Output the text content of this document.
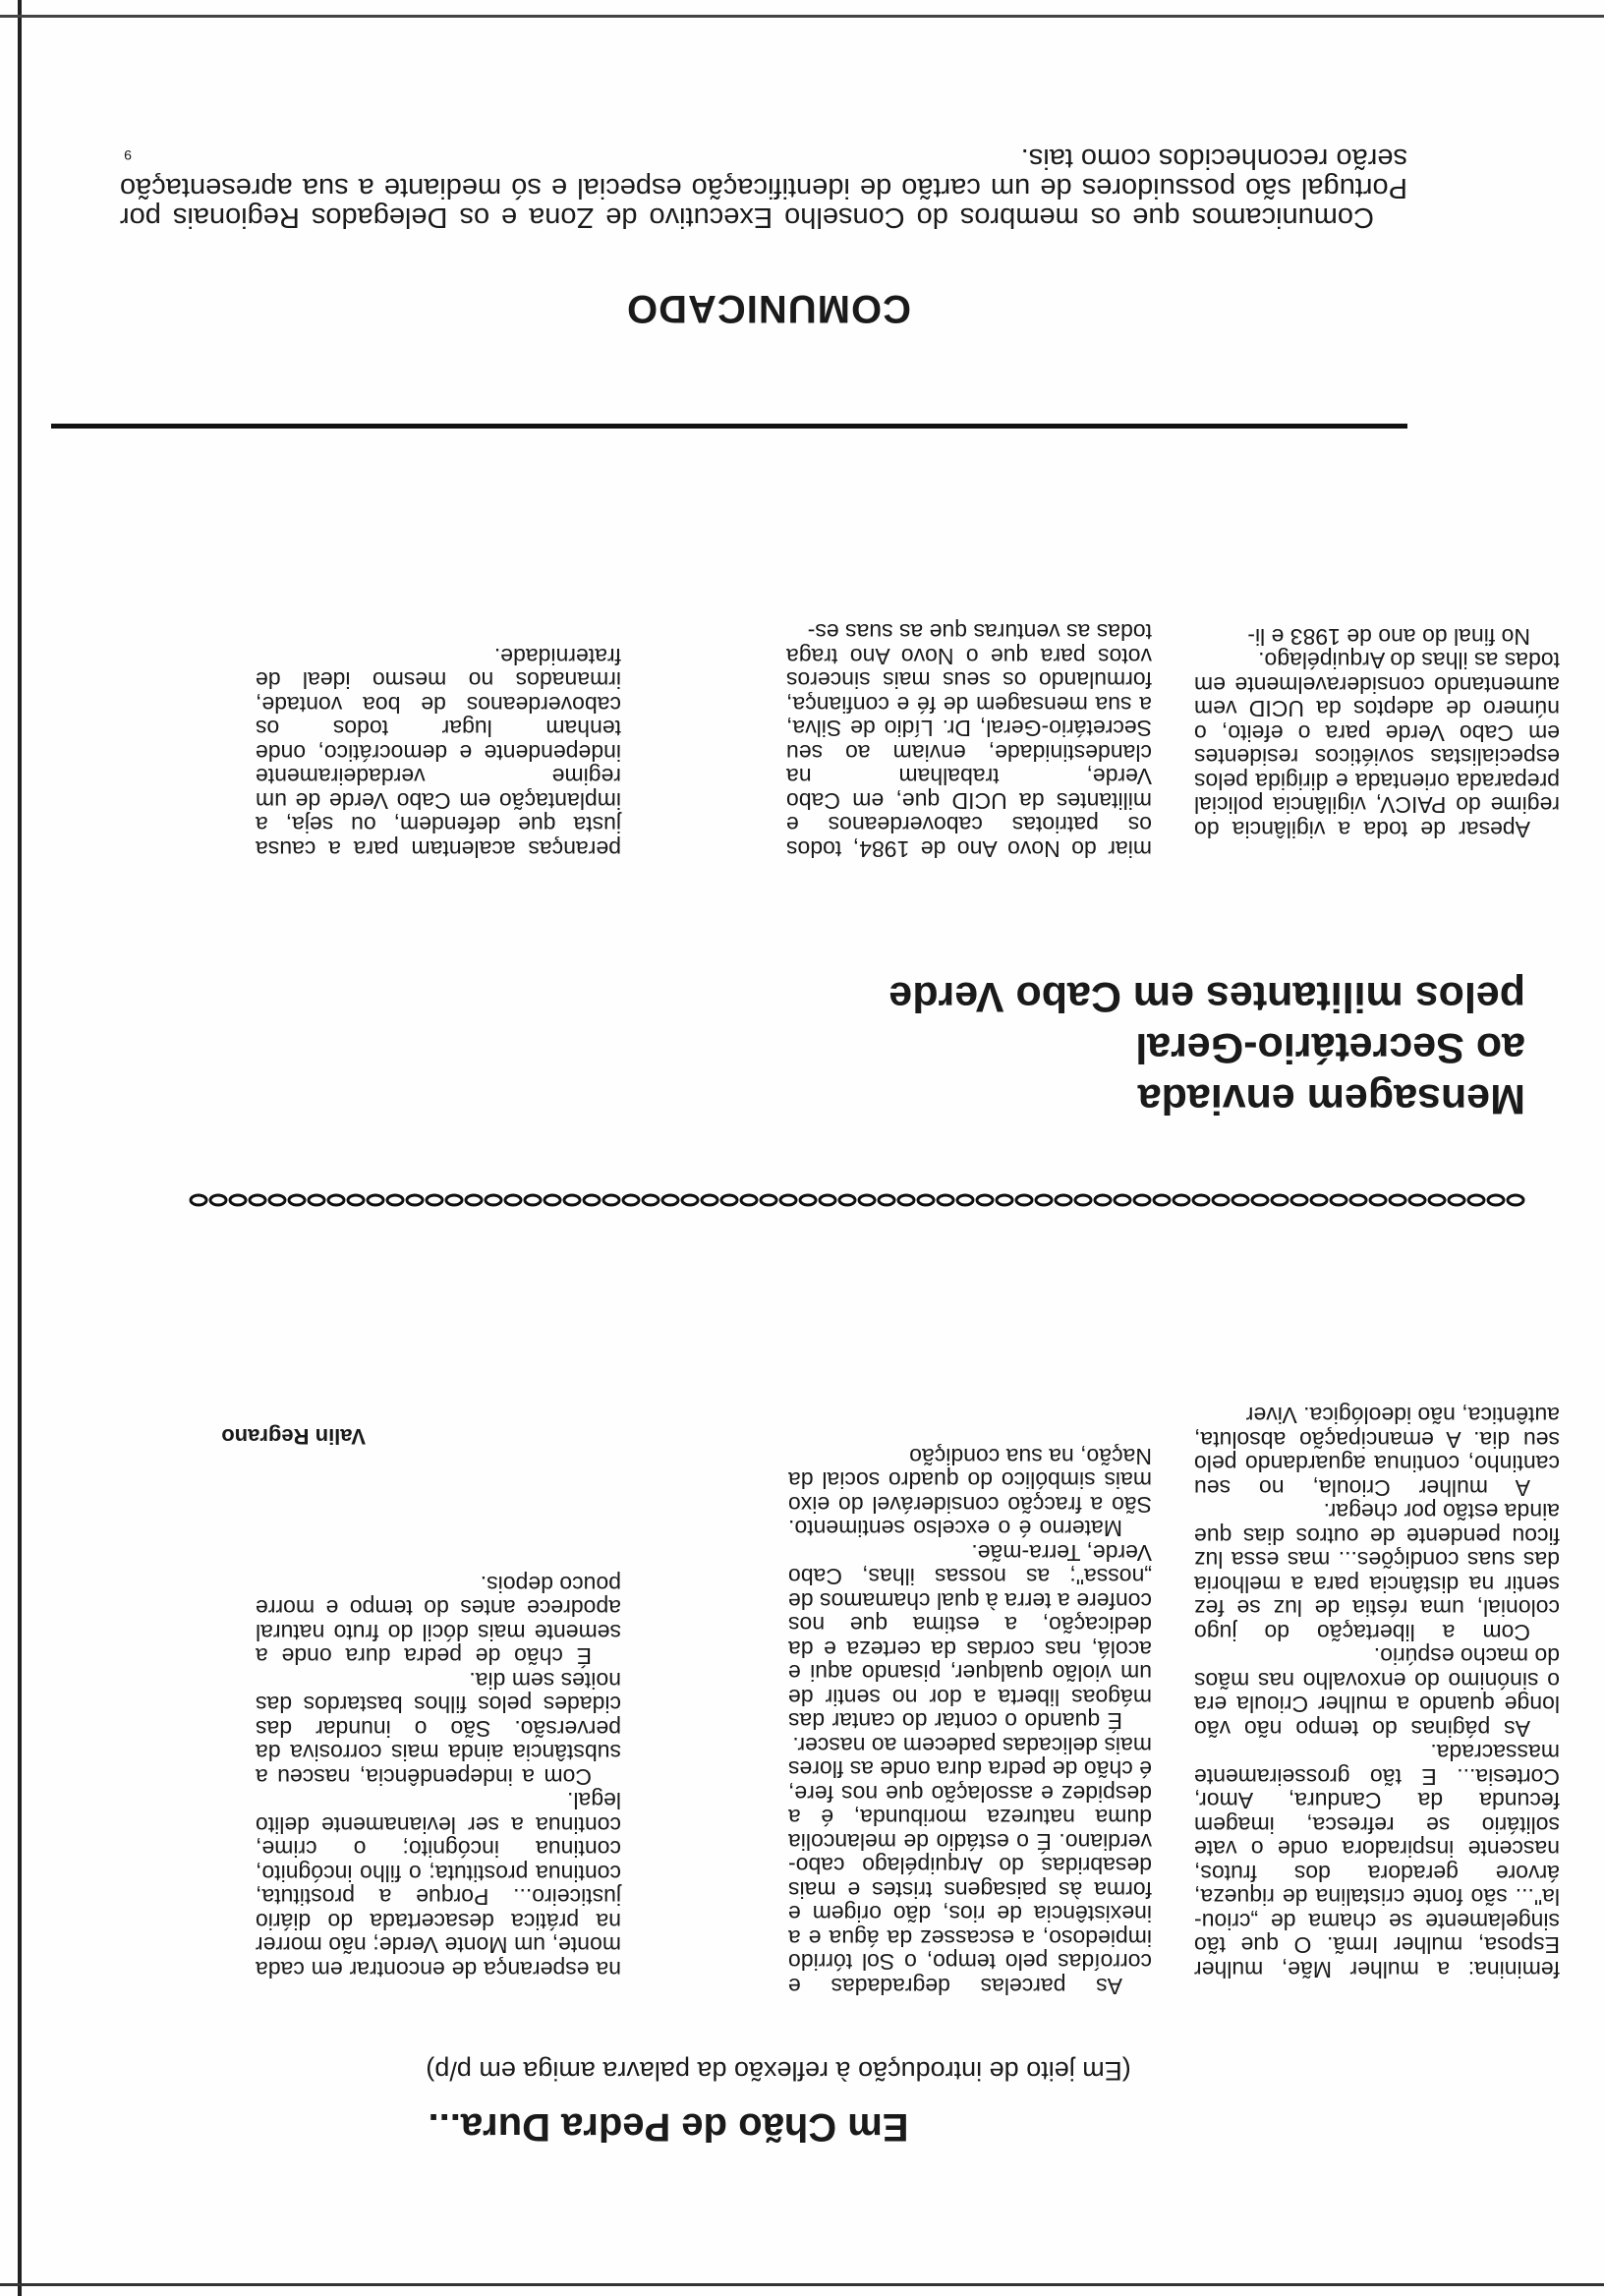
9
Em Chão de Pedra Dura...
(Em jeito de introdução à reflexão da palavra amiga em p/p)

As parcelas degradadas e corroídas pelo tempo, o Sol tórrido impiedoso, a escassez da água e a inexistência de rios, dão origem e forma às paisagens tristes e mais desabridas do Arquipélago cabo-verdiano. É o estádio de melancolia duma natureza moribunda, é a despidez e assolação que nos fere, é chão de pedra dura onde as flores mais delicadas padecem ao nascer.

É quando o contar do cantar das mágoas liberta a dor no sentir de um violão qualquer, pisando aqui e acolá, nas cordas da certeza e da dedicação, a estima que nos confere a terra à qual chamamos de „nossa"; as nossas ilhas, Cabo Verde, Terra-mãe.

Materno é o excelso sentimento. São a fracção considerável do eixo mais simbólico do quadro social da Nação, na sua condição

feminina: a mulher Mãe, mulher Esposa, mulher Irmã. O que tão singelamente se chama de „criou-la"... são fonte cristalina de riqueza, árvore geradora dos frutos, nascente inspiradora onde o vate solitário se refresca, imagem fecunda da Candura, Amor, Cortesia... E tão grosseiramente massacrada.

As páginas do tempo não vão longe quando a mulher Crioula era o sinónimo do enxovalho nas mãos do macho espúrio.

Com a libertação do jugo colonial, uma réstia de luz se fez sentir na distância para a melhoria das suas condições... mas essa luz ficou pendente de outros dias que ainda estão por chegar.

A mulher Crioula, no seu cantinho, continua aguardando pelo seu dia. A emancipação absoluta, autêntica, não ideológica. Viver

na esperança de encontrar em cada monte, um Monte Verde; não morrer na prática desacertada do diário justiceiro... Porque a prostituta, continua prostituta; o filho incógnito, continua incógnito; o crime, continua a ser levianamente delito legal.

Com a independência, nasceu a substância ainda mais corrosiva da perversão. São o inundar das cidades pelos filhos bastardos das noites sem dia.

É chão de pedra dura onde a semente mais dócil do fruto natural apodrece antes do tempo e morre pouco depois.

Valin Regrano
Mensagem enviada
ao Secretário-Geral
pelos militantes em Cabo Verde

Apesar de toda a vigilância do regime do PAICV, vigilância policial preparada orientada e dirigida pelos especialistas soviéticos residentes em Cabo Verde para o efeito, o número de adeptos da UCID vem aumentando consideravelmente em todas as ilhas do Arquipélago.

No final do ano de 1983 e li-

miar do Novo Ano de 1984, todos os patriotas caboverdeanos e militantes da UCID que, em Cabo Verde, trabalham na clandestinidade, enviam ao seu Secretário-Geral, Dr. Lídio de Silva, a sua mensagem de fé e confiança, formulando os seus mais sinceros votos para que o Novo Ano traga todas as venturas que as suas es-

peranças acalentam para a causa justa que defendem, ou seja, a implantação em Cabo Verde de um regime verdadeiramente independente e democrático, onde tenham lugar todos os caboverdeanos de boa vontade, irmanados no mesmo ideal de fraternidade.

COMUNICADO

Comunicamos que os membros do Conselho Executivo de Zona e os Delegados Regionais por Portugal são possuidores de um cartão de identificação especial e só mediante a sua apresentação serão reconhecidos como tais.
